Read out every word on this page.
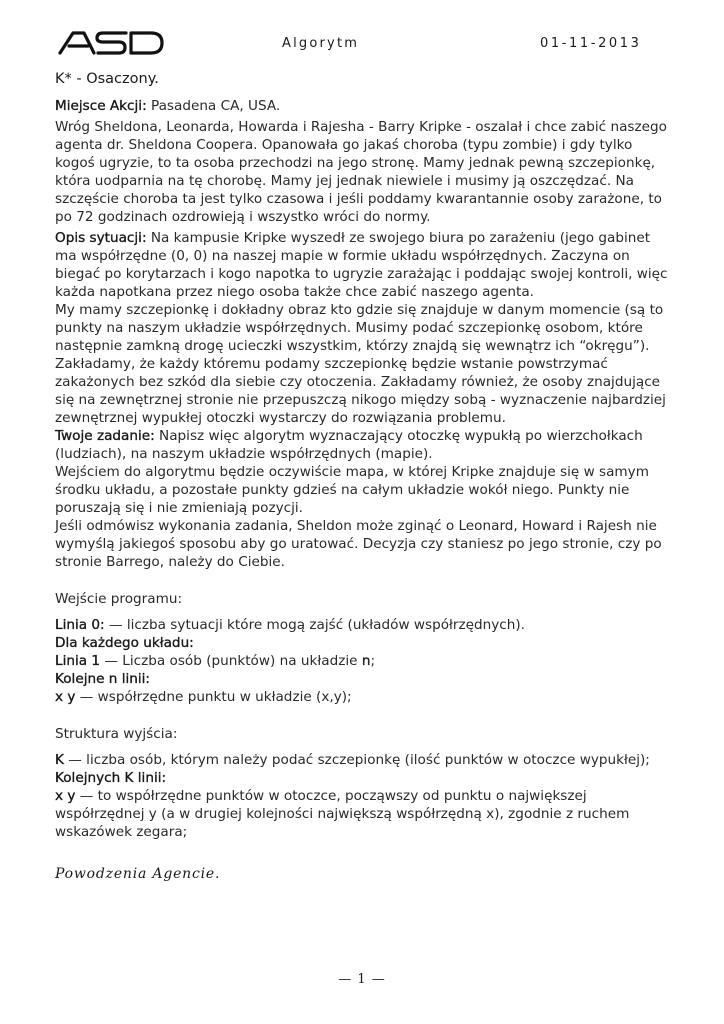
Algorytm	01-11-2013

K* - Osaczony.

Miejsce Akcji: Pasadena CA, USA.

Wróg Sheldona, Leonarda, Howarda i Rajesha - Barry Kripke - oszalał i chce zabić naszego agenta dr. Sheldona Coopera. Opanowała go jakaś choroba (typu zombie) i gdy tylko kogoś ugryzie, to ta osoba przechodzi na jego stronę. Mamy jednak pewną szczepionkę, która uodparnia na tę chorobę. Mamy jej jednak niewiele i musimy ją oszczędzać. Na szczęście choroba ta jest tylko czasowa i jeśli poddamy kwarantannie osoby zarażone, to po 72 godzinach ozdrowieją i wszystko wróci do normy.

Opis sytuacji: Na kampusie Kripke wyszedł ze swojego biura po zarażeniu (jego gabinet ma współrzędne (0, 0) na naszej mapie w formie układu współrzędnych. Zaczyna on biegać po korytarzach i kogo napotka to ugryzie zarażając i poddając swojej kontroli, więc każda napotkana przez niego osoba także chce zabić naszego agenta.

My mamy szczepionkę i dokładny obraz kto gdzie się znajduje w danym momencie (są to punkty na naszym układzie współrzędnych. Musimy podać szczepionkę osobom, które następnie zamkną drogę ucieczki wszystkim, którzy znajdą się wewnątrz ich “okręgu”). Zakładamy, że każdy któremu podamy szczepionkę będzie wstanie powstrzymać zakażonych bez szkód dla siebie czy otoczenia. Zakładamy również, że osoby znajdujące się na zewnętrznej stronie nie przepuszczą nikogo między sobą - wyznaczenie najbardziej zewnętrznej wypukłej otoczki wystarczy do rozwiązania problemu.

Twoje zadanie: Napisz więc algorytm wyznaczający otoczkę wypukłą po wierzchołkach (ludziach), na naszym układzie współrzędnych (mapie).

Wejściem do algorytmu będzie oczywiście mapa, w której Kripke znajduje się w samym środku układu, a pozostałe punkty gdzieś na całym układzie wokół niego. Punkty nie poruszają się i nie zmieniają pozycji.

Jeśli odmówisz wykonania zadania, Sheldon może zginąć o Leonard, Howard i Rajesh nie wymyślą jakiegoś sposobu aby go uratować. Decyzja czy staniesz po jego stronie, czy po stronie Barrego, należy do Ciebie.

Wejście programu:

Linia 0: — liczba sytuacji które mogą zajść (układów współrzędnych).

Dla każdego układu:

Linia 1 — Liczba osób (punktów) na układzie n;

Kolejne n linii:

x y — współrzędne punktu w układzie (x,y);

Struktura wyjścia:

K — liczba osób, którym należy podać szczepionkę (ilość punktów w otoczce wypukłej);

Kolejnych K linii:

x y — to współrzędne punktów w otoczce, począwszy od punktu o największej współrzędnej y (a w drugiej kolejności największą współrzędną x), zgodnie z ruchem wskazówek zegara;

Powodzenia Agencie.

— 1 —
